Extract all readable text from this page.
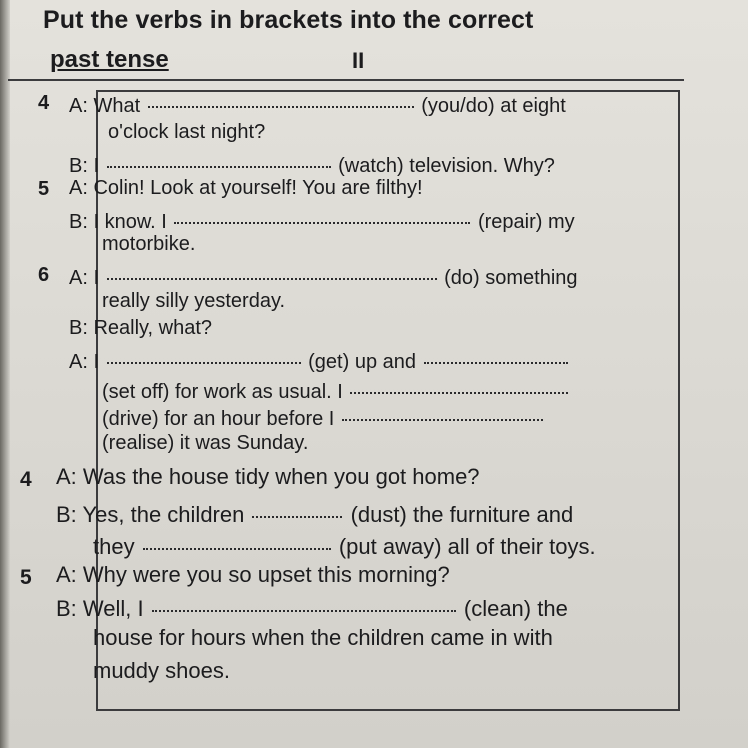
Put the verbs in brackets into the correct
past tense	II
4 A: What	(you/do) at eight
o'clock last night?
B: I	(watch) television. Why?
5 A: Colin! Look at yourself! You are filthy!
B: I know. I	(repair) my
motorbike.
6 A: I	(do) something
really silly yesterday.
B: Really, what?
A: I	(get) up and
(set off) for work as usual. I
(drive) for an hour before I
(realise) it was Sunday.
4 A: Was the house tidy when you got home?
B: Yes, the children	(dust) the furniture and
they	(put away) all of their toys.
5 A: Why were you so upset this morning?
B: Well, I	(clean) the
house for hours when the children came in with
muddy shoes.
